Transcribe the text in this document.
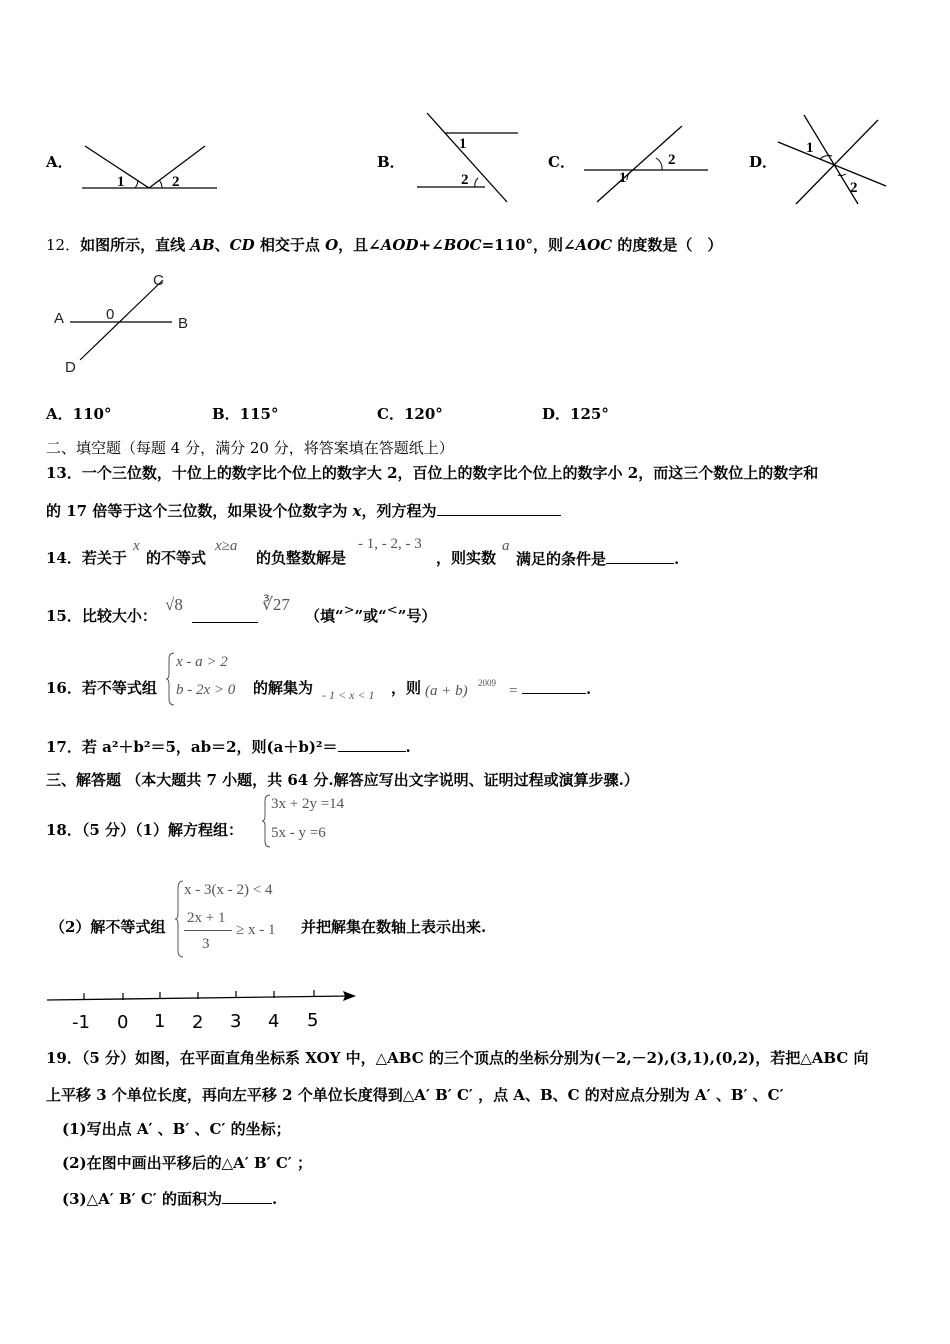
A．
1	2
B．
1
2
C．	2
1
D．
1
2
12．如图所示，直线 AB、CD 相交于点 O，且∠AOD+∠BOC=110°，则∠AOC 的度数是（　）
A	0
B
C
D
A．110°	B．115°	C．120°	D．125°
二、填空题（每题 4 分，满分 20 分，将答案填在答题纸上）
13．一个三位数，十位上的数字比个位上的数字大 2，百位上的数字比个位上的数字小 2，而这三个数位上的数字和
的 17 倍等于这个三位数，如果设个位数字为 x，列方程为
14．若关于
x
的不等式
x≥a
的负整数解是
- 1, - 2, - 3
，则实数
a
满足的条件是	.
15．比较大小：
√8	∛27
（填“>”或“<”号）
16．若不等式组
x - a > 2
b - 2x > 0 的解集为 - 1 < x < 1 ，则 (a + b) 2009 =	.
17．若 a²＋b²＝5，ab＝2，则(a＋b)²＝	.
三、解答题 （本大题共 7 小题，共 64 分.解答应写出文字说明、证明过程或演算步骤.）
18．（5 分）（1）解方程组：
3x + 2y =14
5x - y =6
（2）解不等式组
x - 3(x - 2) < 4
2x + 1
3
≥ x - 1 并把解集在数轴上表示出来.
-1 0 1 2 3 4 5
19．（5 分）如图，在平面直角坐标系 XOY 中，△ABC 的三个顶点的坐标分别为(－2,－2),(3,1),(0,2)，若把△ABC 向
上平移 3 个单位长度，再向左平移 2 个单位长度得到△A′ B′ C′ ，点 A、B、C 的对应点分别为 A′ 、B′ 、C′
(1)写出点 A′ 、B′ 、C′ 的坐标；
(2)在图中画出平移后的△A′ B′ C′ ；
(3)△A′ B′ C′ 的面积为	.
